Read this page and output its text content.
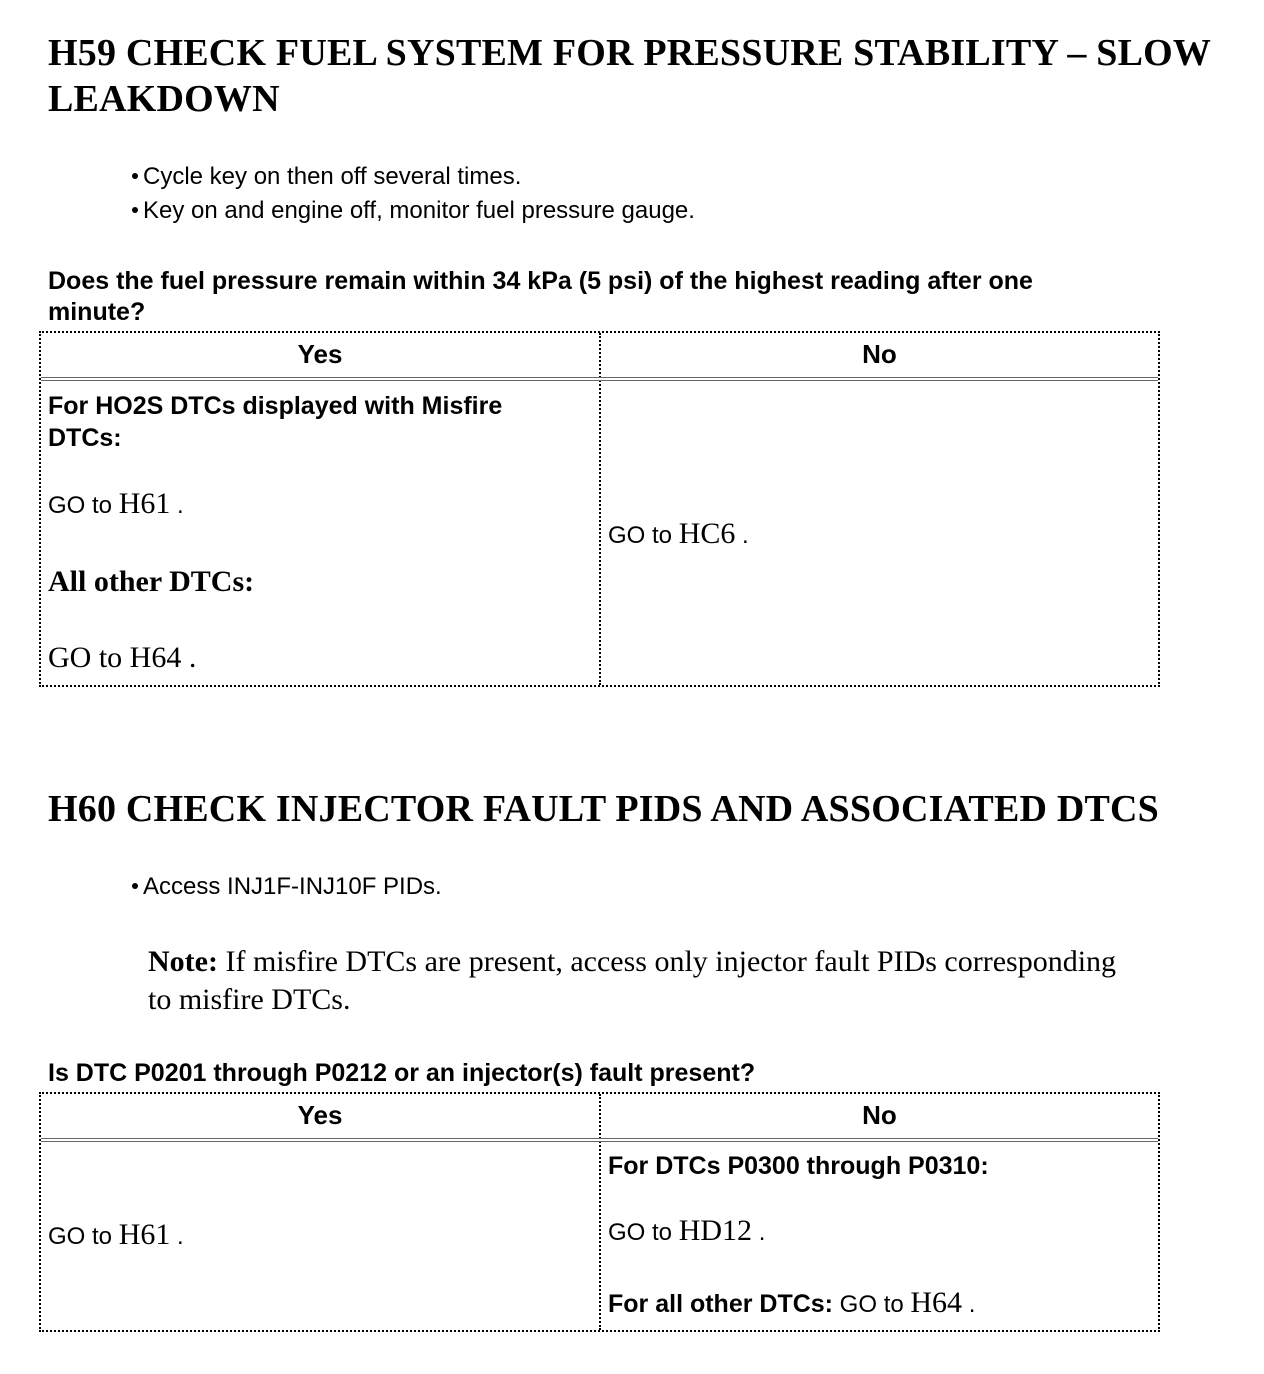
H59 CHECK FUEL SYSTEM FOR PRESSURE STABILITY – SLOW
LEAKDOWN
Cycle key on then off several times.
Key on and engine off, monitor fuel pressure gauge.
Does the fuel pressure remain within 34 kPa (5 psi) of the highest reading after one
minute?
Yes	No
For HO2S DTCs displayed with Misfire
DTCs:
GO to H61 .
All other DTCs:
GO to H64 .
GO to HC6 .
H60 CHECK INJECTOR FAULT PIDS AND ASSOCIATED DTCS
Access INJ1F-INJ10F PIDs.
Note: If misfire DTCs are present, access only injector fault PIDs corresponding
to misfire DTCs.
Is DTC P0201 through P0212 or an injector(s) fault present?
Yes	No
GO to H61 .
For DTCs P0300 through P0310:
GO to HD12 .
For all other DTCs: GO to H64 .
